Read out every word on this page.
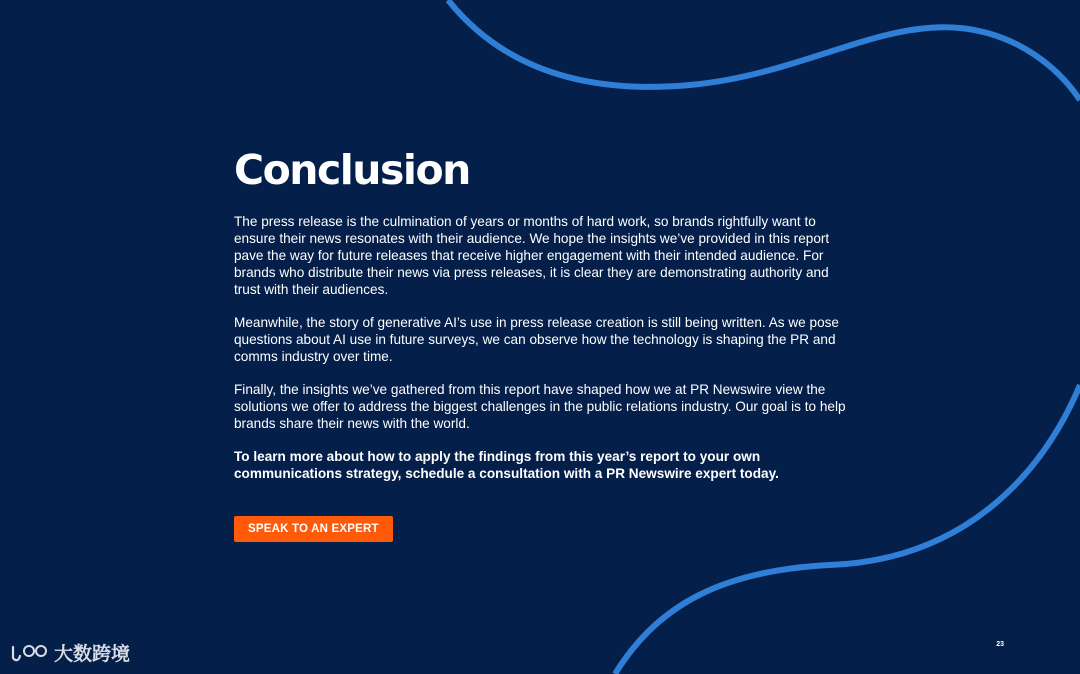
Conclusion

The press release is the culmination of years or months of hard work, so brands rightfully want to ensure their news resonates with their audience. We hope the insights we’ve provided in this report pave the way for future releases that receive higher engagement with their intended audience. For brands who distribute their news via press releases, it is clear they are demonstrating authority and trust with their audiences.

Meanwhile, the story of generative AI’s use in press release creation is still being written. As we pose questions about AI use in future surveys, we can observe how the technology is shaping the PR and comms industry over time.

Finally, the insights we’ve gathered from this report have shaped how we at PR Newswire view the solutions we offer to address the biggest challenges in the public relations industry. Our goal is to help brands share their news with the world.

To learn more about how to apply the findings from this year’s report to your own communications strategy, schedule a consultation with a PR Newswire expert today.

SPEAK TO AN EXPERT
23
大数跨境
